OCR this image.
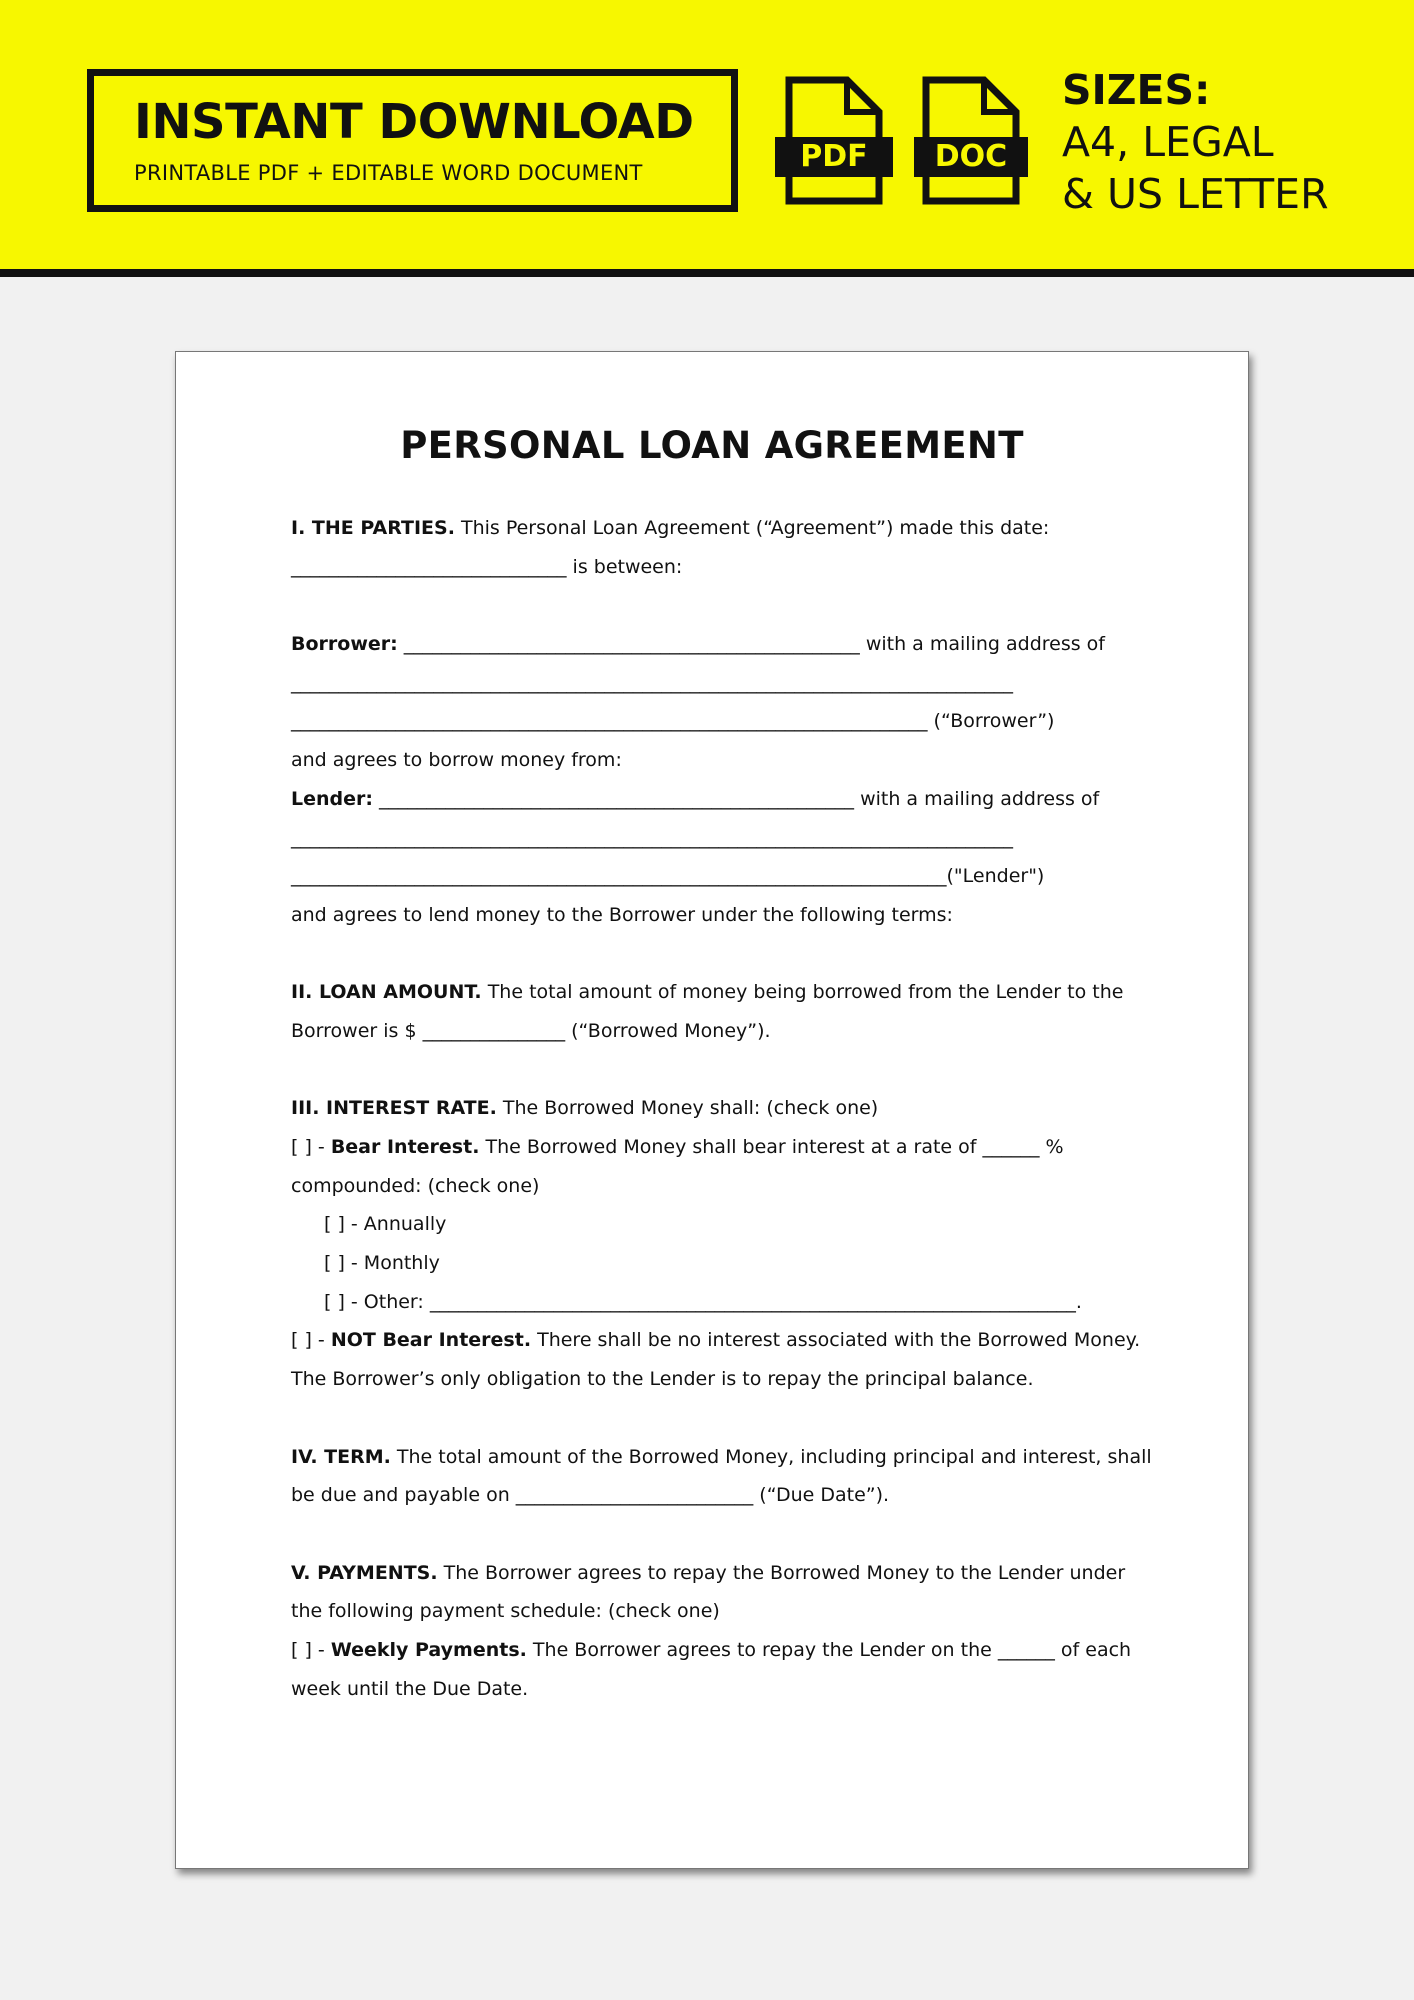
INSTANT DOWNLOAD
PRINTABLE PDF + EDITABLE WORD DOCUMENT	PDF	DOC
SIZES:
A4, LEGAL
& US LETTER
PERSONAL LOAN AGREEMENT
I. THE PARTIES. This Personal Loan Agreement (“Agreement”) made this date:
_____________________________ is between:
Borrower: ________________________________________________ with a mailing address of
____________________________________________________________________________
___________________________________________________________________ (“Borrower”)
and agrees to borrow money from:
Lender: __________________________________________________ with a mailing address of
____________________________________________________________________________
_____________________________________________________________________("Lender")
and agrees to lend money to the Borrower under the following terms:
II. LOAN AMOUNT. The total amount of money being borrowed from the Lender to the
Borrower is $ _______________ (“Borrowed Money”).
III. INTEREST RATE. The Borrowed Money shall: (check one)
[ ] - Bear Interest. The Borrowed Money shall bear interest at a rate of ______ %
compounded: (check one)
[ ] - Annually
[ ] - Monthly
[ ] - Other: ____________________________________________________________________.
[ ] - NOT Bear Interest. There shall be no interest associated with the Borrowed Money.
The Borrower’s only obligation to the Lender is to repay the principal balance.
IV. TERM. The total amount of the Borrowed Money, including principal and interest, shall
be due and payable on _________________________ (“Due Date”).
V. PAYMENTS. The Borrower agrees to repay the Borrowed Money to the Lender under
the following payment schedule: (check one)
[ ] - Weekly Payments. The Borrower agrees to repay the Lender on the ______ of each
week until the Due Date.
